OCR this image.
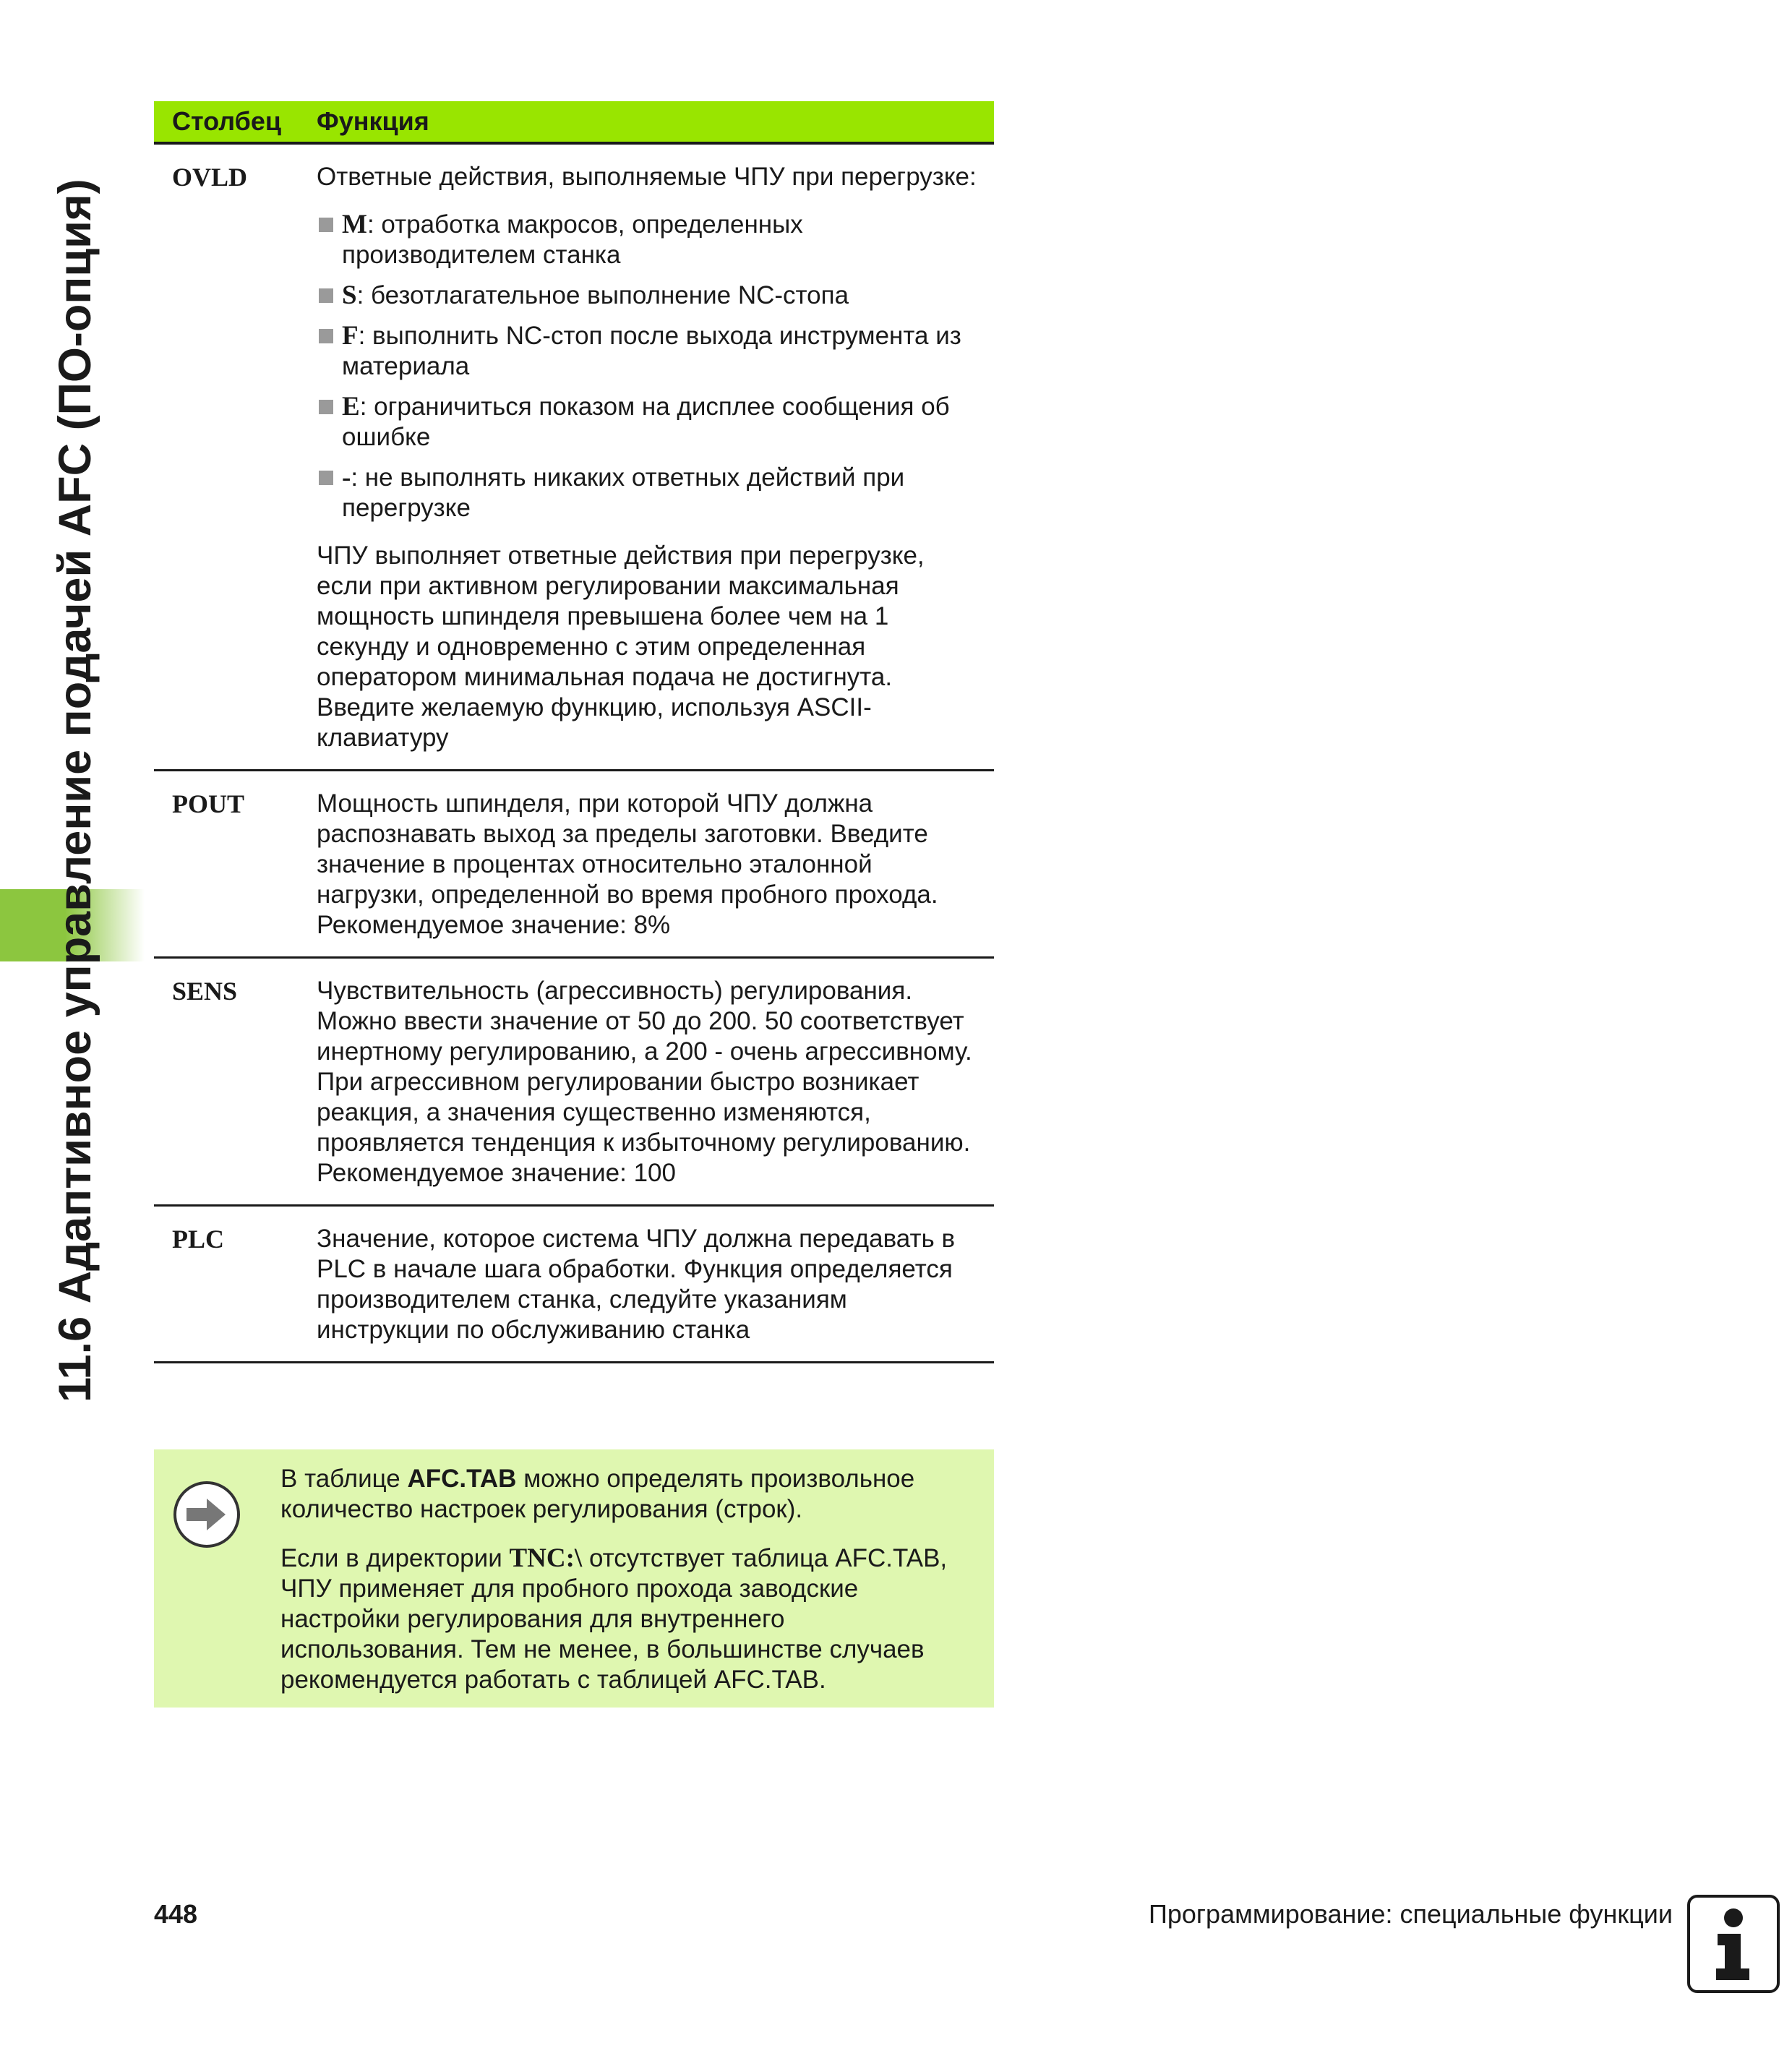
11.6 Адаптивное управление подачей AFC (ПО-опция)
Столбец	Функция
OVLD	Ответные действия, выполняемые ЧПУ при перегрузке:

M: отработка макросов, определенных производителем станка
S: безотлагательное выполнение NC-стопа
F: выполнить NC-стоп после выхода инструмента из материала
E: ограничиться показом на дисплее сообщения об ошибке
-: не выполнять никаких ответных действий при перегрузке

ЧПУ выполняет ответные действия при перегрузке, если при активном регулировании максимальная мощность шпинделя превышена более чем на 1 секунду и одновременно с этим определенная оператором минимальная подача не достигнута. Введите желаемую функцию, используя ASCII-клавиатуру

POUT	Мощность шпинделя, при которой ЧПУ должна распознавать выход за пределы заготовки. Введите значение в процентах относительно эталонной нагрузки, определенной во время пробного прохода. Рекомендуемое значение: 8%

SENS	Чувствительность (агрессивность) регулирования. Можно ввести значение от 50 до 200. 50 соответствует инертному регулированию, а 200 - очень агрессивному. При агрессивном регулировании быстро возникает реакция, а значения существенно изменяются, проявляется тенденция к избыточному регулированию. Рекомендуемое значение: 100

PLC	Значение, которое система ЧПУ должна передавать в PLC в начале шага обработки. Функция определяется производителем станка, следуйте указаниям инструкции по обслуживанию станка

В таблице AFC.TAB можно определять произвольное количество настроек регулирования (строк).

Если в директории TNC:\ отсутствует таблица AFC.TAB, ЧПУ применяет для пробного прохода заводские настройки регулирования для внутреннего использования. Тем не менее, в большинстве случаев рекомендуется работать с таблицей AFC.TAB.

448	Программирование: специальные функции
